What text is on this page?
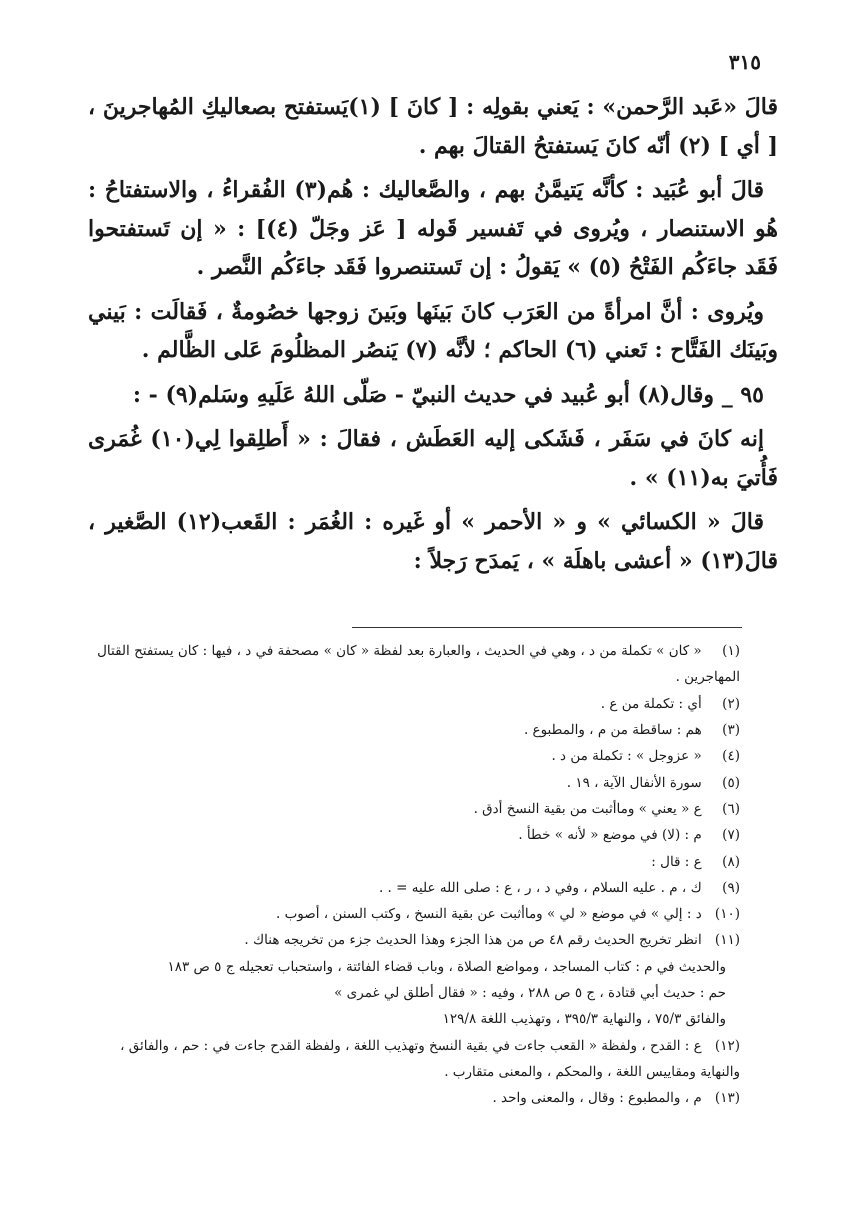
٣١٥

قالَ «عَبد الرَّحمن» : يَعني بقولِه : [ كانَ ] (١)يَستفتح بصعاليكِ المُهاجرينَ ، [ أي ] (٢) أنّه كانَ يَستفتحُ القتالَ بهم .

قالَ أبو عُبَيد : كأنَّه يَتيمَّنُ بهم ، والصَّعاليك : هُم(٣) الفُقراءُ ، والاستفتاحُ : هُو الاستنصار ، ويُروى في تَفسير قَوله [ عَز وجَلّ (٤)] : « إن تَستفتحوا فَقَد جاءَكُم الفَتْحُ (٥) » يَقولُ : إن تَستنصروا فَقَد جاءَكُم النَّصر .

ويُروى : أنَّ امرأةً من العَرَب كانَ بَينَها وبَينَ زوجها خصُومةٌ ، فَقالَت : بَيني وبَينَك الفَتَّاح : تَعني (٦) الحاكم ؛ لأنَّه (٧) يَنصُر المظلُومَ عَلى الظَّالم .

٩٥ _ وقال(٨) أبو عُبيد في حديث النبيّ - صَلّى اللهُ عَلَيهِ وسَلم(٩) - :

إنه كانَ في سَفَر ، فَشَكى إليه العَطَش ، فقالَ : « أَطلِقوا لِي(١٠) غُمَرى فَأُتيَ به(١١) » .

قالَ « الكسائي » و « الأحمر » أو غَيره : الغُمَر : القَعب(١٢) الصَّغير ، قالَ(١٣) « أعشى باهلَة » ، يَمدَح رَجلاً :

(١) « كان » تكملة من د ، وهي في الحديث ، والعبارة بعد لفظة « كان » مصحفة في د ، فيها : كان يستفتح القتال المهاجرين .

(٢) أي : تكملة من ع .

(٣) هم : ساقطة من م ، والمطبوع .

(٤) « عزوجل » : تكملة من د .

(٥) سورة الأنفال الآية ، ١٩ .

(٦) ع « يعني » وماأثبت من بقية النسخ أدق .

(٧) م : (لا) في موضع « لأنه » خطأ .

(٨) ع : قال :

(٩) ك ، م . عليه السلام ، وفي د ، ر ، ع : صلى الله عليه = . .

(١٠) د : إلي » في موضع « لي » وماأثبت عن بقية النسخ ، وكتب السنن ، أصوب .

(١١) انظر تخريج الحديث رقم ٤٨ ص من هذا الجزء وهذا الحديث جزء من تخريجه هناك .

والحديث في م : كتاب المساجد ، ومواضع الصلاة ، وباب قضاء الفائتة ، واستحباب تعجيله ج ٥ ص ١٨٣

حم : حديث أبي قتادة ، ج ٥ ص ٢٨٨ ، وفيه : « فقال أطلق لي غمرى »

والفائق ٧٥/٣ ، والنهاية ٣٩٥/٣ ، وتهذيب اللغة ١٢٩/٨

(١٢) ع : القدح ، ولفظة « القعب جاءت في بقية النسخ وتهذيب اللغة ، ولفظة القدح جاءت في : حم ، والفائق ، والنهاية ومقاييس اللغة ، والمحكم ، والمعنى متقارب .

(١٣) م ، والمطبوع : وقال ، والمعنى واحد .
